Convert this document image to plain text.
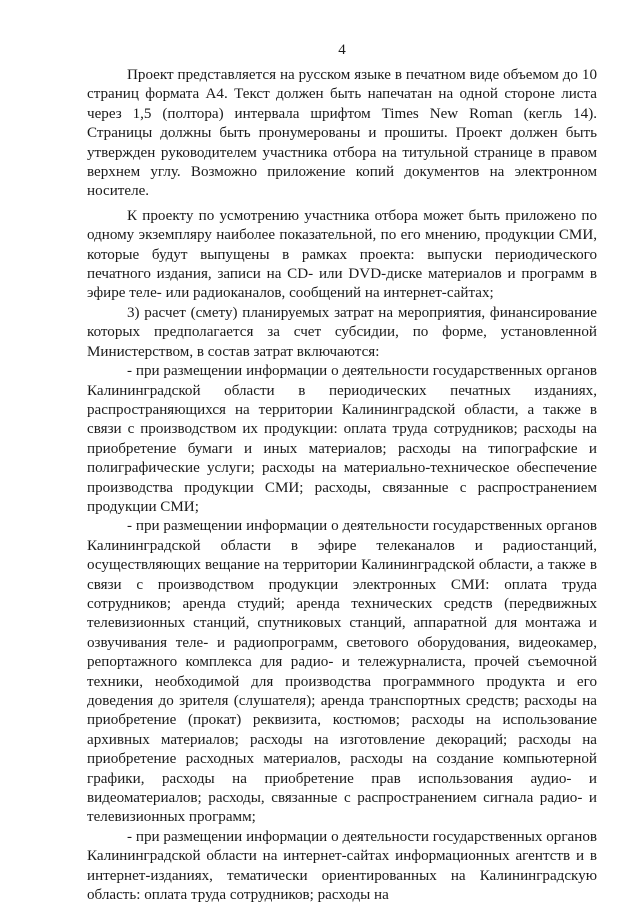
4

Проект представляется на русском языке в печатном виде объемом до 10 страниц формата А4. Текст должен быть напечатан на одной стороне листа через 1,5 (полтора) интервала шрифтом Times New Roman (кегль 14). Страницы должны быть пронумерованы и прошиты. Проект должен быть утвержден руководителем участника отбора на титульной странице в правом верхнем углу. Возможно приложение копий документов на электронном носителе.

К проекту по усмотрению участника отбора может быть приложено по одному экземпляру наиболее показательной, по его мнению, продукции СМИ, которые будут выпущены в рамках проекта: выпуски периодического печатного издания, записи на CD- или DVD-диске материалов и программ в эфире теле- или радиоканалов, сообщений на интернет-сайтах;

3) расчет (смету) планируемых затрат на мероприятия, финансирование которых предполагается за счет субсидии, по форме, установленной Министерством, в состав затрат включаются:

- при размещении информации о деятельности государственных органов Калининградской области в периодических печатных изданиях, распространяющихся на территории Калининградской области, а также в связи с производством их продукции: оплата труда сотрудников; расходы на приобретение бумаги и иных материалов; расходы на типографские и полиграфические услуги; расходы на материально-техническое обеспечение производства продукции СМИ; расходы, связанные с распространением продукции СМИ;

- при размещении информации о деятельности государственных органов Калининградской области в эфире телеканалов и радиостанций, осуществляющих вещание на территории Калининградской области, а также в связи с производством продукции электронных СМИ: оплата труда сотрудников; аренда студий; аренда технических средств (передвижных телевизионных станций, спутниковых станций, аппаратной для монтажа и озвучивания теле- и радиопрограмм, светового оборудования, видеокамер, репортажного комплекса для радио- и тележурналиста, прочей съемочной техники, необходимой для производства программного продукта и его доведения до зрителя (слушателя); аренда транспортных средств; расходы на приобретение (прокат) реквизита, костюмов; расходы на использование архивных материалов; расходы на изготовление декораций; расходы на приобретение расходных материалов, расходы на создание компьютерной графики, расходы на приобретение прав использования аудио- и видеоматериалов; расходы, связанные с распространением сигнала радио- и телевизионных программ;

- при размещении информации о деятельности государственных органов Калининградской области на интернет-сайтах информационных агентств и в интернет-изданиях, тематически ориентированных на Калининградскую область: оплата труда сотрудников; расходы на
